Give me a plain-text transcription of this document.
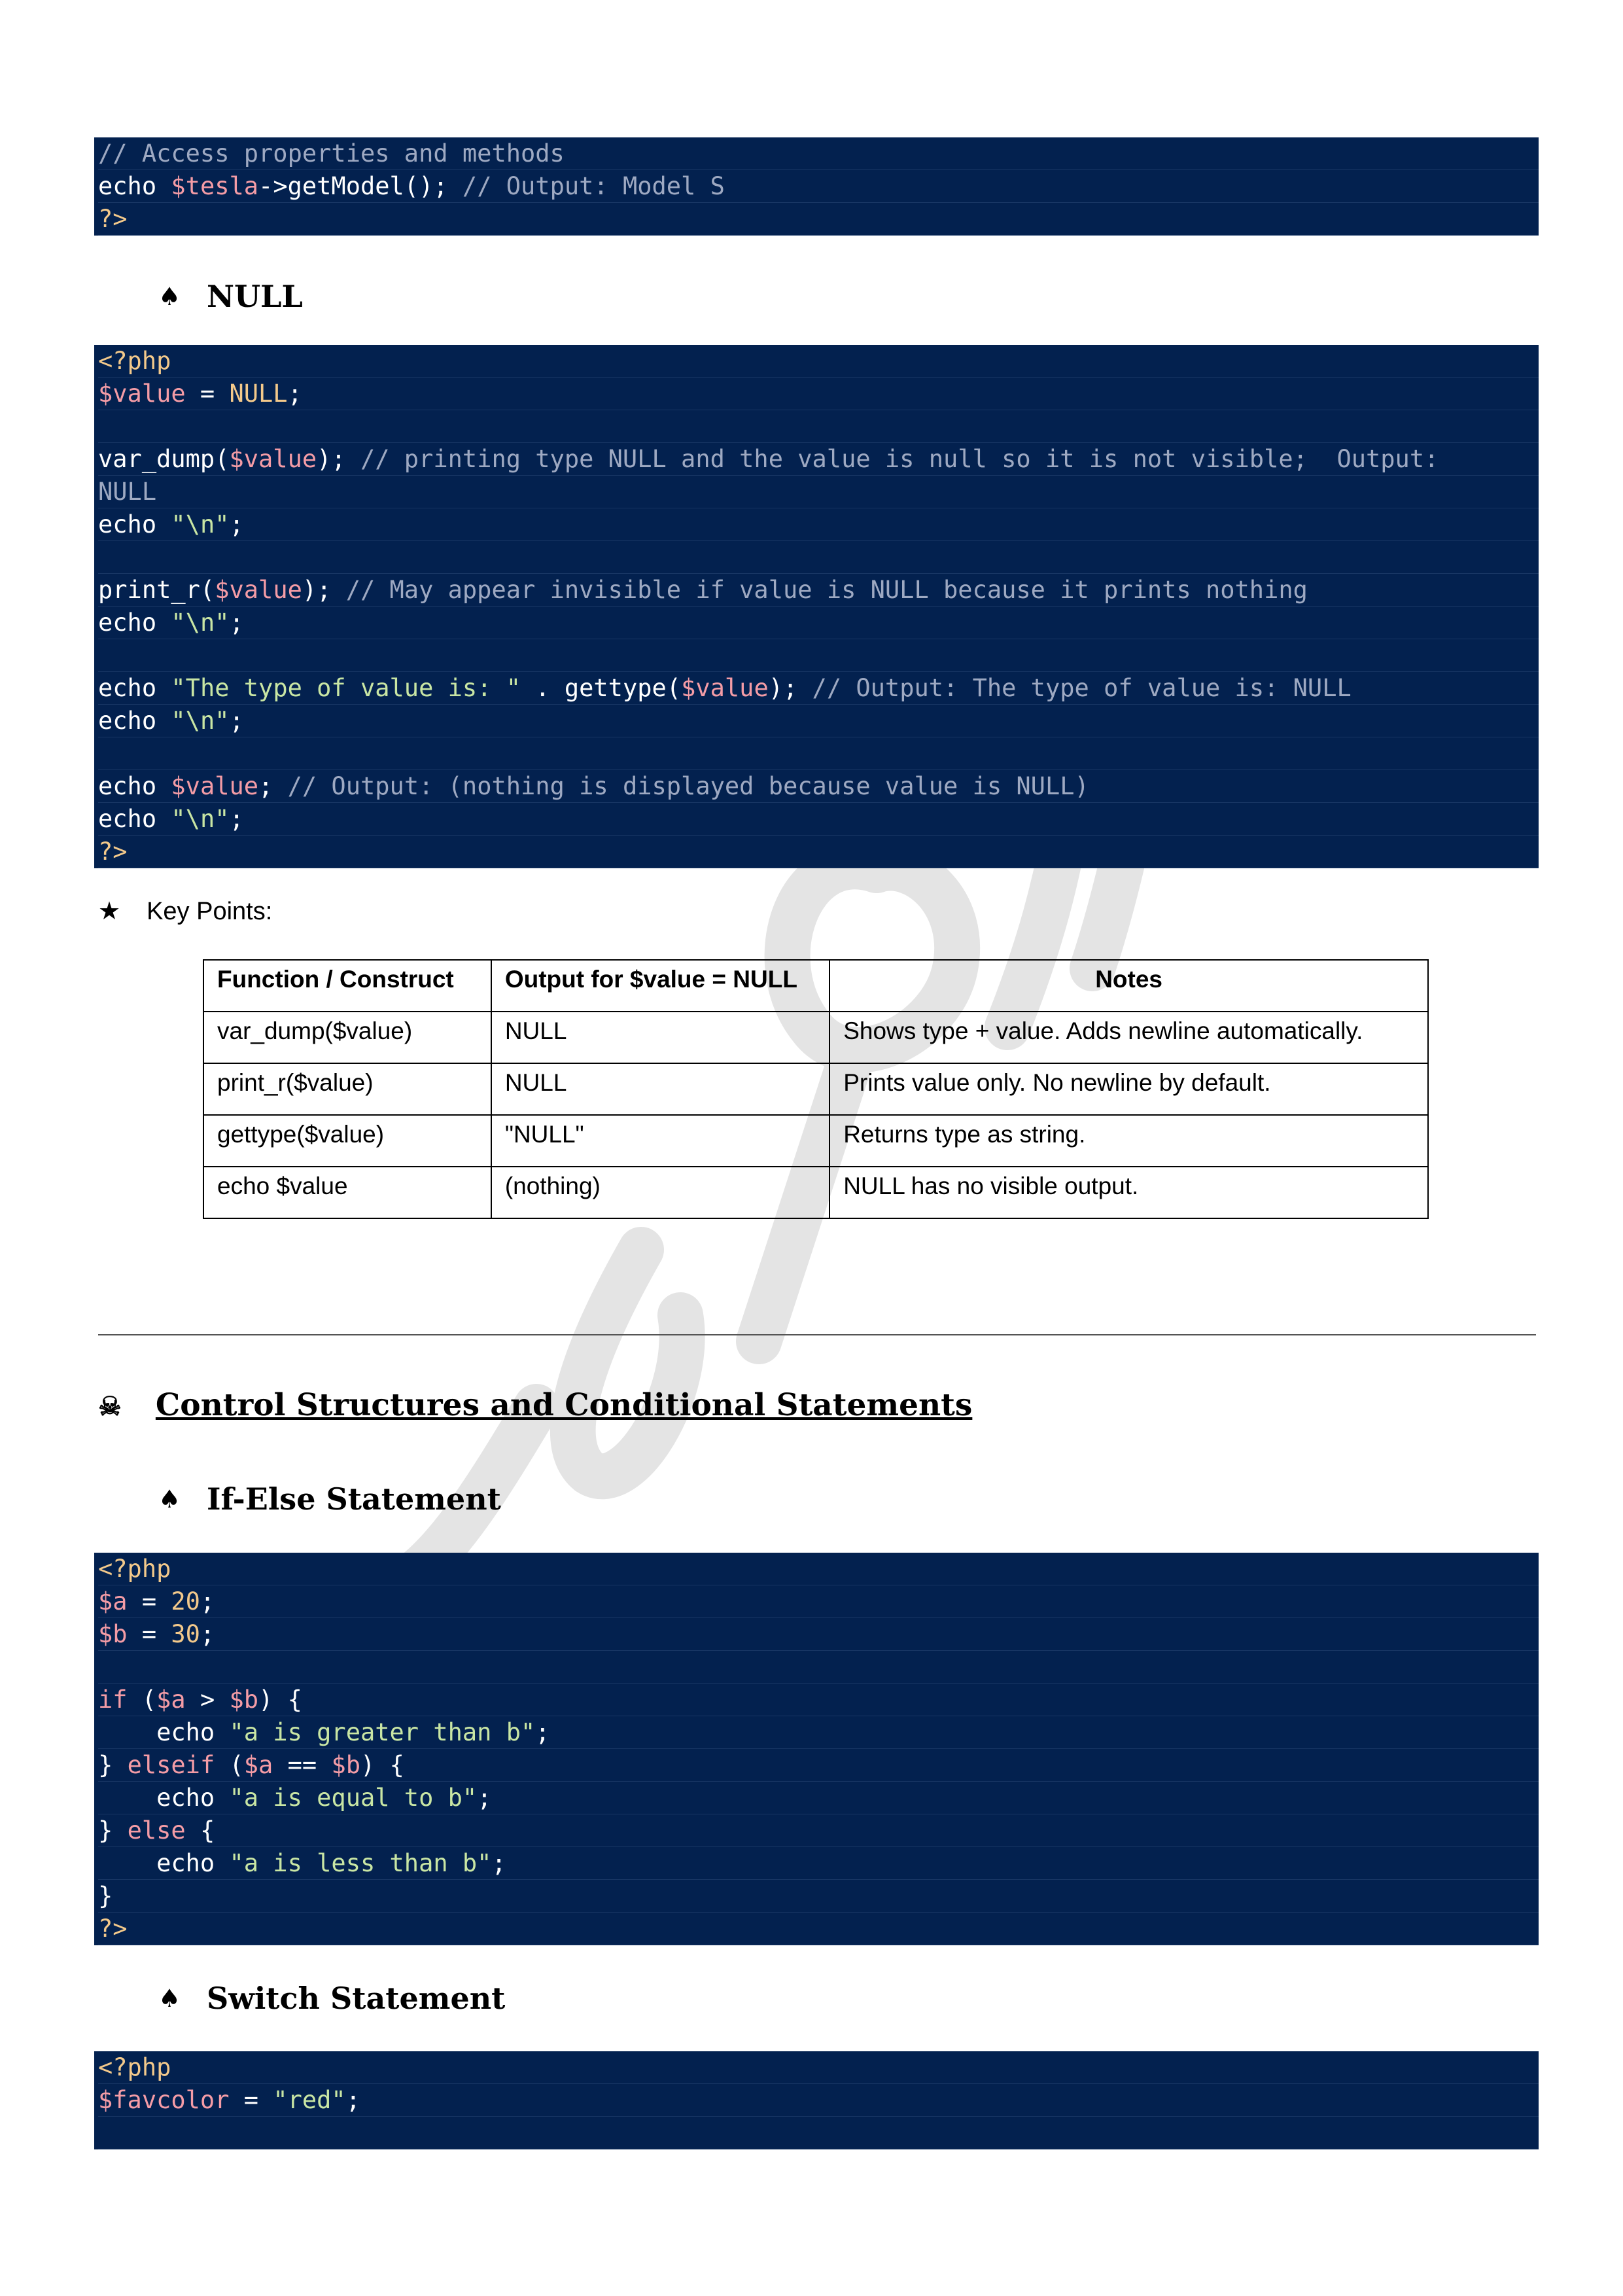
// Access properties and methods
echo $tesla->getModel(); // Output: Model S
?>
♠ NULL
<?php
$value = NULL;
var_dump($value); // printing type NULL and the value is null so it is not visible;  Output:
NULL
echo "\n";
print_r($value); // May appear invisible if value is NULL because it prints nothing
echo "\n";
echo "The type of value is: " . gettype($value); // Output: The type of value is: NULL
echo "\n";
echo $value; // Output: (nothing is displayed because value is NULL)
echo "\n";
?>
★ Key Points:
Function / Construct	Output for $value = NULL	Notes
var_dump($value)	NULL	Shows type + value. Adds newline automatically.
print_r($value)	NULL	Prints value only. No newline by default.
gettype($value)	"NULL"	Returns type as string.
echo $value	(nothing)	NULL has no visible output.
☠ Control Structures and Conditional Statements
♠ If-Else Statement
<?php
$a = 20;
$b = 30;
if ($a > $b) {
echo "a is greater than b";
} elseif ($a == $b) {
echo "a is equal to b";
} else {
echo "a is less than b";
}
?>
♠ Switch Statement
<?php
$favcolor = "red";
